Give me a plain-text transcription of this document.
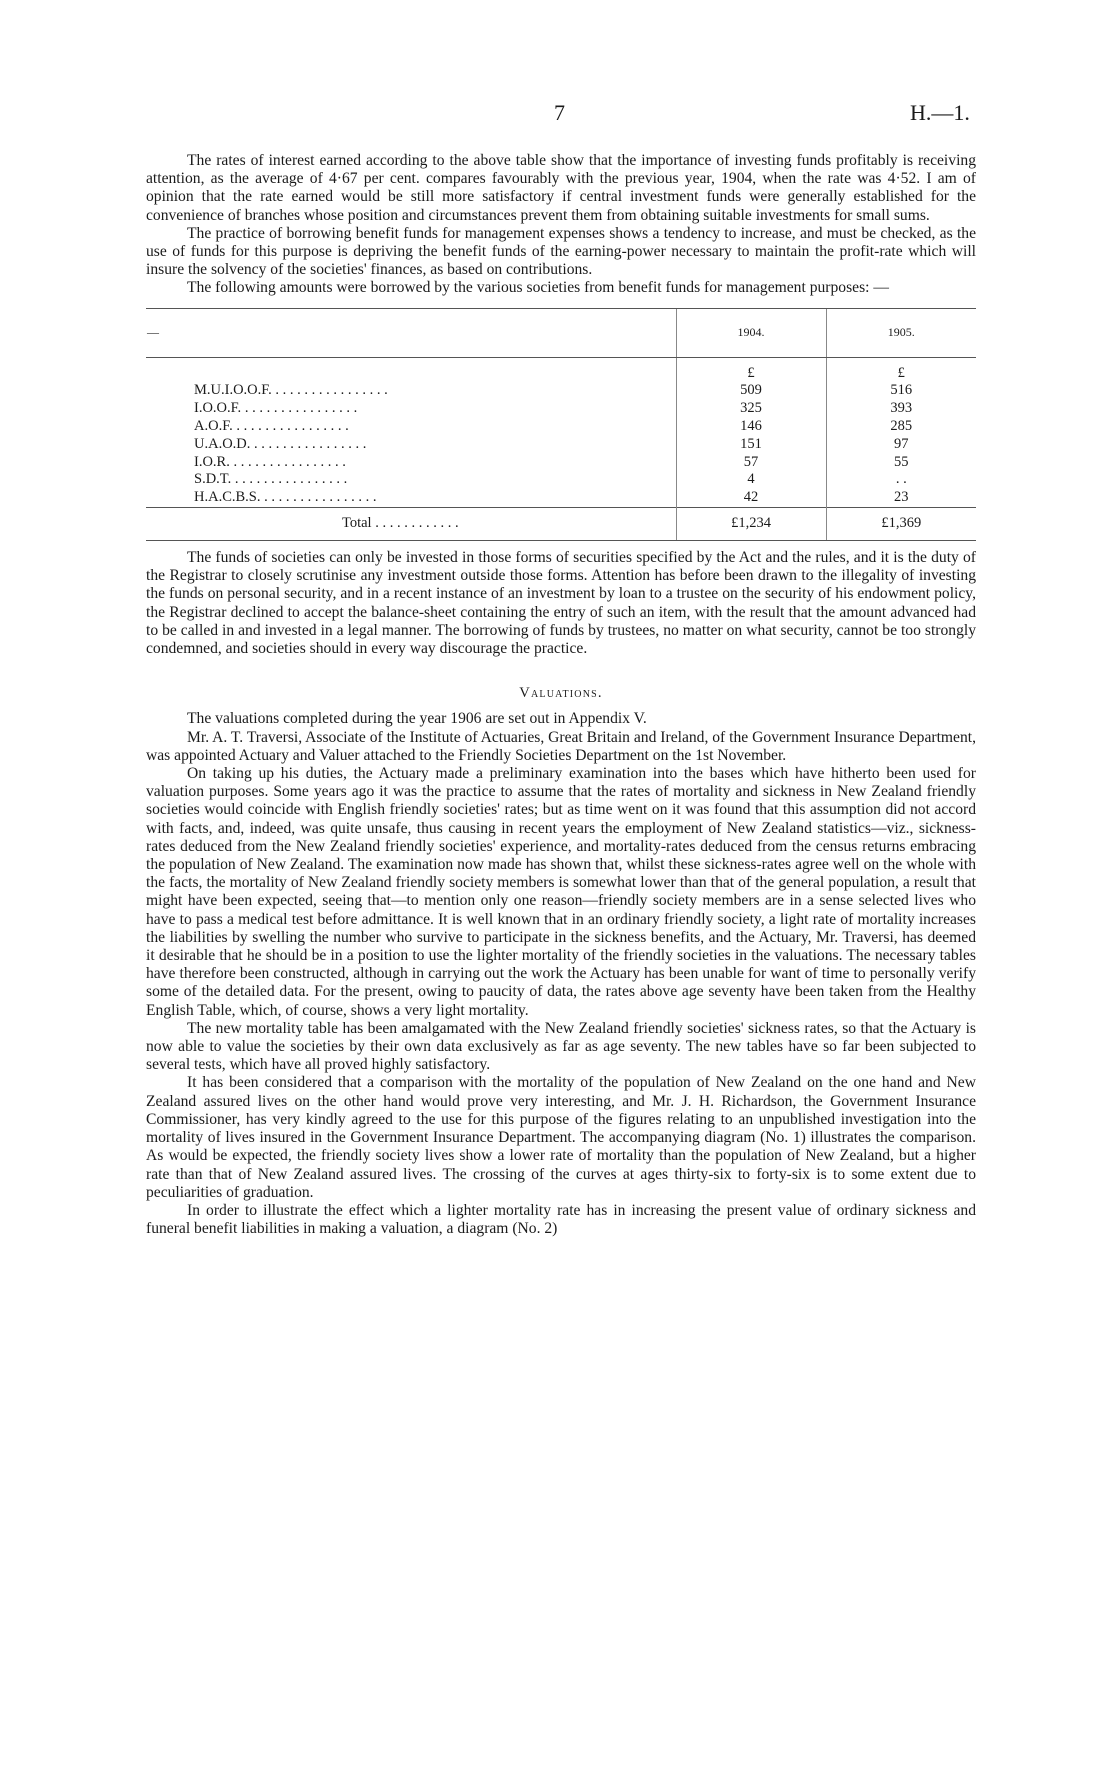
7	H.—1.

The rates of interest earned according to the above table show that the importance of investing funds profitably is receiving attention, as the average of 4·67 per cent. compares favourably with the previous year, 1904, when the rate was 4·52. I am of opinion that the rate earned would be still more satisfactory if central investment funds were generally established for the convenience of branches whose position and circumstances prevent them from obtaining suitable investments for small sums.

The practice of borrowing benefit funds for management expenses shows a tendency to increase, and must be checked, as the use of funds for this purpose is depriving the benefit funds of the earning-power necessary to maintain the profit-rate which will insure the solvency of the societies' finances, as based on contributions.

The following amounts were borrowed by the various societies from benefit funds for management purposes: —

—	1904.	1905.
	£	£
M.U.I.O.O.F. . . . . . . . . . . . . . . . .	509	516
I.O.O.F. . . . . . . . . . . . . . . . .	325	393
A.O.F. . . . . . . . . . . . . . . . .	146	285
U.A.O.D. . . . . . . . . . . . . . . . .	151	97
I.O.R. . . . . . . . . . . . . . . . .	57	55
S.D.T. . . . . . . . . . . . . . . . .	4	. .
H.A.C.B.S. . . . . . . . . . . . . . . . .	42	23
Total . . . . . . . . . . . .	£1,234	£1,369

The funds of societies can only be invested in those forms of securities specified by the Act and the rules, and it is the duty of the Registrar to closely scrutinise any investment outside those forms. Attention has before been drawn to the illegality of investing the funds on personal security, and in a recent instance of an investment by loan to a trustee on the security of his endowment policy, the Registrar declined to accept the balance-sheet containing the entry of such an item, with the result that the amount advanced had to be called in and invested in a legal manner. The borrowing of funds by trustees, no matter on what security, cannot be too strongly condemned, and societies should in every way discourage the practice.

Valuations.

The valuations completed during the year 1906 are set out in Appendix V.

Mr. A. T. Traversi, Associate of the Institute of Actuaries, Great Britain and Ireland, of the Government Insurance Department, was appointed Actuary and Valuer attached to the Friendly Societies Department on the 1st November.

On taking up his duties, the Actuary made a preliminary examination into the bases which have hitherto been used for valuation purposes. Some years ago it was the practice to assume that the rates of mortality and sickness in New Zealand friendly societies would coincide with English friendly societies' rates; but as time went on it was found that this assumption did not accord with facts, and, indeed, was quite unsafe, thus causing in recent years the employment of New Zealand statistics—viz., sickness-rates deduced from the New Zealand friendly societies' experience, and mortality-rates deduced from the census returns embracing the population of New Zealand. The examination now made has shown that, whilst these sickness-rates agree well on the whole with the facts, the mortality of New Zealand friendly society members is somewhat lower than that of the general population, a result that might have been expected, seeing that—to mention only one reason—friendly society members are in a sense selected lives who have to pass a medical test before admittance. It is well known that in an ordinary friendly society, a light rate of mortality increases the liabilities by swelling the number who survive to participate in the sickness benefits, and the Actuary, Mr. Traversi, has deemed it desirable that he should be in a position to use the lighter mortality of the friendly societies in the valuations. The necessary tables have therefore been constructed, although in carrying out the work the Actuary has been unable for want of time to personally verify some of the detailed data. For the present, owing to paucity of data, the rates above age seventy have been taken from the Healthy English Table, which, of course, shows a very light mortality.

The new mortality table has been amalgamated with the New Zealand friendly societies' sickness rates, so that the Actuary is now able to value the societies by their own data exclusively as far as age seventy. The new tables have so far been subjected to several tests, which have all proved highly satisfactory.

It has been considered that a comparison with the mortality of the population of New Zealand on the one hand and New Zealand assured lives on the other hand would prove very interesting, and Mr. J. H. Richardson, the Government Insurance Commissioner, has very kindly agreed to the use for this purpose of the figures relating to an unpublished investigation into the mortality of lives insured in the Government Insurance Department. The accompanying diagram (No. 1) illustrates the comparison. As would be expected, the friendly society lives show a lower rate of mortality than the population of New Zealand, but a higher rate than that of New Zealand assured lives. The crossing of the curves at ages thirty-six to forty-six is to some extent due to peculiarities of graduation.

In order to illustrate the effect which a lighter mortality rate has in increasing the present value of ordinary sickness and funeral benefit liabilities in making a valuation, a diagram (No. 2)
